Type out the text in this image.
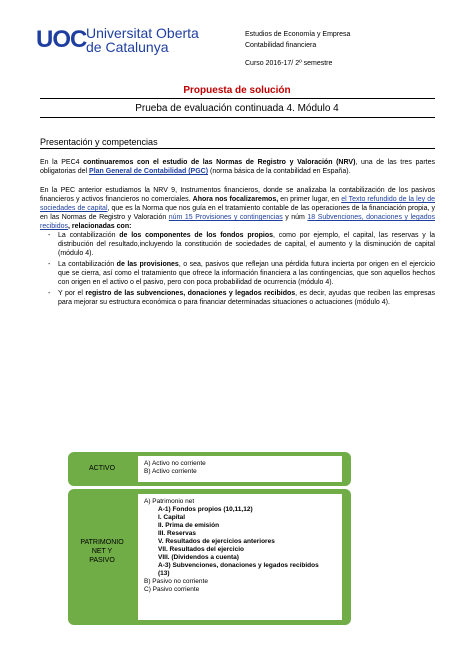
UOC Universitat Oberta
de Catalunya
Estudios de Economía y Empresa
Contabilidad financiera
Curso 2016-17/ 2º semestre
Propuesta de solución
Prueba de evaluación continuada 4. Módulo 4
Presentación y competencias
En la PEC4 continuaremos con el estudio de las Normas de Registro y Valoración (NRV), una de las tres partes obligatorias del Plan General de Contabilidad (PGC) (norma básica de la contabilidad en España).
En la PEC anterior estudiamos la NRV 9, Instrumentos financieros, donde se analizaba la contabilización de los pasivos financieros y activos financieros no comerciales. Ahora nos focalizaremos, en primer lugar, en el Texto refundido de la ley de sociedades de capital, que es la Norma que nos guía en el tratamiento contable de las operaciones de la financiación propia, y en las Normas de Registro y Valoración núm 15 Provisiones y contingencias y núm 18 Subvenciones, donaciones y legados recibidos, relacionadas con:
-	La contabilización de los componentes de los fondos propios, como por ejemplo, el capital, las reservas y la distribución del resultado,incluyendo la constitución de sociedades de capital, el aumento y la disminución de capital (módulo 4).
-	La contabilización de las provisiones, o sea, pasivos que reflejan una pérdida futura incierta por origen en el ejercicio que se cierra, así como el tratamiento que ofrece la información financiera a las contingencias, que son aquellos hechos con origen en el activo o el pasivo, pero con poca probabilidad de ocurrencia (módulo 4).
-	Y por el registro de las subvenciones, donaciones y legados recibidos, es decir, ayudas que reciben las empresas para mejorar su estructura económica o para financiar determinadas situaciones o actuaciones (módulo 4).
ACTIVO
A) Activo no corriente
B) Activo corriente
PATRIMONIO
NET Y
PASIVO
A) Patrimonio net
A-1) Fondos propios (10,11,12)
I. Capital
II. Prima de emisión
III. Reservas
V. Resultados de ejercicios anteriores
VII. Resultados del ejercicio
VIII. (Dividendos a cuenta)
A-3) Subvenciones, donaciones y legados recibidos
(13)
B) Pasivo no corriente
C) Pasivo corriente
